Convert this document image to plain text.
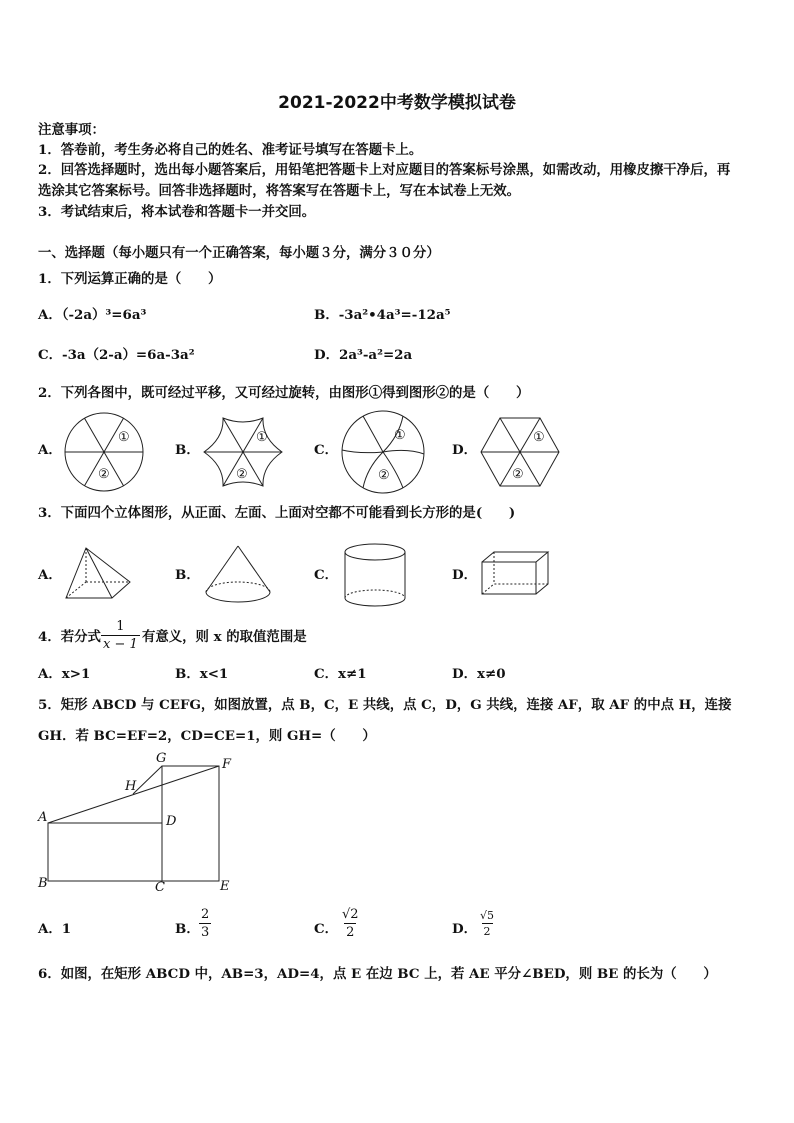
2021-2022中考数学模拟试卷
注意事项：
1．答卷前，考生务必将自己的姓名、准考证号填写在答题卡上。
2．回答选择题时，选出每小题答案后，用铅笔把答题卡上对应题目的答案标号涂黑，如需改动，用橡皮擦干净后，再
选涂其它答案标号。回答非选择题时，将答案写在答题卡上，写在本试卷上无效。
3．考试结束后，将本试卷和答题卡一并交回。
一、选择题（每小题只有一个正确答案，每小题３分，满分３０分）
1．下列运算正确的是（　　）
A．（-2a）³=6a³	B．-3a²•4a³=-12a⁵
C．-3a（2-a）=6a-3a²	D．2a³-a²=2a
2．下列各图中，既可经过平移，又可经过旋转，由图形①得到图形②的是（　　）
A．	B．	C．	D．
①
②
①
②
①
②
①
②
3．下面四个立体图形，从正面、左面、上面对空都不可能看到长方形的是(　　)
A．	B．	C．	D．
4．若分式 $\frac{1}{x - 1}$ 有意义，则 x 的取值范围是
A．x>1	B．x<1	C．x≠1	D．x≠0
5．矩形 ABCD 与 CEFG，如图放置，点 B，C，E 共线，点 C，D，G 共线，连接 AF，取 AF 的中点 H，连接
GH．若 BC=EF=2，CD=CE=1，则 GH=（　　）
A
B	C
D
E
F
G
H
A．1	B． $\frac{2}{3}$	C． $\frac{√2}{2}$	D． $\frac{√5}{2}$
6．如图，在矩形 ABCD 中，AB=3，AD=4，点 E 在边 BC 上，若 AE 平分∠BED，则 BE 的长为（　　）
